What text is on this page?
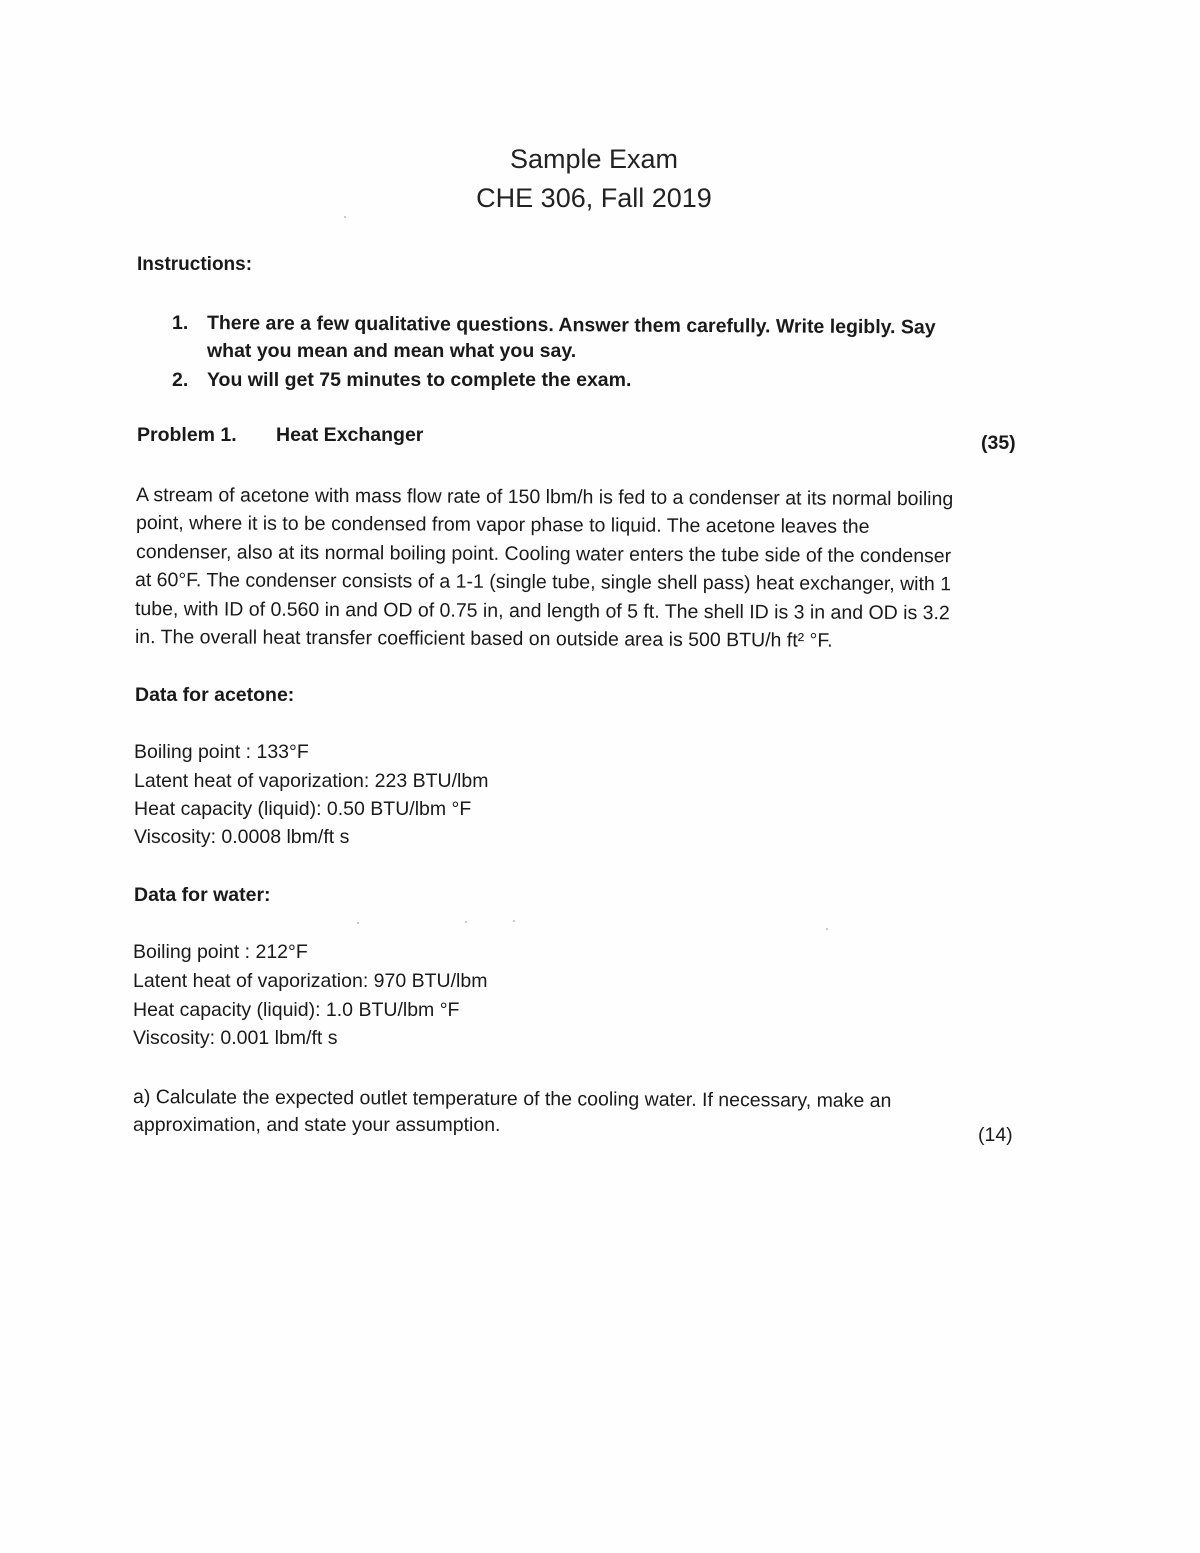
Sample Exam
CHE 306, Fall 2019
Instructions:
1. There are a few qualitative questions. Answer them carefully. Write legibly. Say
what you mean and mean what you say.
2. You will get 75 minutes to complete the exam.
Problem 1. Heat Exchanger	(35)
A stream of acetone with mass flow rate of 150 lbm/h is fed to a condenser at its normal boiling
point, where it is to be condensed from vapor phase to liquid. The acetone leaves the
condenser, also at its normal boiling point. Cooling water enters the tube side of the condenser
at 60°F. The condenser consists of a 1-1 (single tube, single shell pass) heat exchanger, with 1
tube, with ID of 0.560 in and OD of 0.75 in, and length of 5 ft. The shell ID is 3 in and OD is 3.2
in. The overall heat transfer coefficient based on outside area is 500 BTU/h ft² °F.
Data for acetone:
Boiling point : 133°F
Latent heat of vaporization: 223 BTU/lbm
Heat capacity (liquid): 0.50 BTU/lbm °F
Viscosity: 0.0008 lbm/ft s
Data for water:
Boiling point : 212°F
Latent heat of vaporization: 970 BTU/lbm
Heat capacity (liquid): 1.0 BTU/lbm °F
Viscosity: 0.001 lbm/ft s
a) Calculate the expected outlet temperature of the cooling water. If necessary, make an
approximation, and state your assumption.	(14)
